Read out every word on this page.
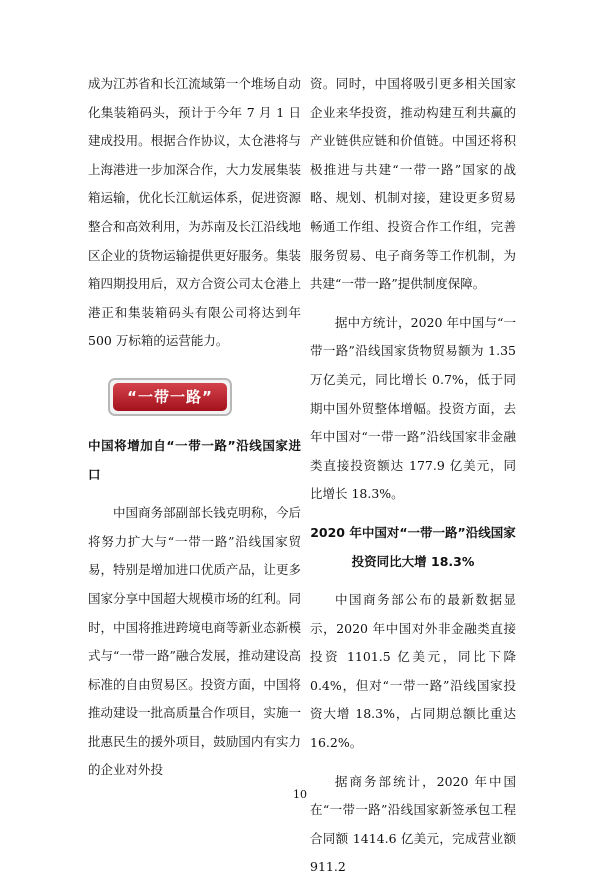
成为江苏省和长江流域第一个堆场自动化集装箱码头，预计于今年 7 月 1 日建成投用。根据合作协议，太仓港将与上海港进一步加深合作，大力发展集装箱运输，优化长江航运体系，促进资源整合和高效利用，为苏南及长江沿线地区企业的货物运输提供更好服务。集装箱四期投用后，双方合资公司太仓港上港正和集装箱码头有限公司将达到年 500 万标箱的运营能力。

“一带一路”

中国将增加自“一带一路”沿线国家进口

中国商务部副部长钱克明称，今后将努力扩大与“一带一路”沿线国家贸易，特别是增加进口优质产品，让更多国家分享中国超大规模市场的红利。同时，中国将推进跨境电商等新业态新模式与“一带一路”融合发展，推动建设高标准的自由贸易区。投资方面，中国将推动建设一批高质量合作项目，实施一批惠民生的援外项目，鼓励国内有实力的企业对外投

资。同时，中国将吸引更多相关国家企业来华投资，推动构建互利共赢的产业链供应链和价值链。中国还将积极推进与共建“一带一路”国家的战略、规划、机制对接，建设更多贸易畅通工作组、投资合作工作组，完善服务贸易、电子商务等工作机制，为共建“一带一路”提供制度保障。

据中方统计，2020 年中国与“一带一路”沿线国家货物贸易额为 1.35 万亿美元，同比增长 0.7%，低于同期中国外贸整体增幅。投资方面，去年中国对“一带一路”沿线国家非金融类直接投资额达 177.9 亿美元，同比增长 18.3%。

2020 年中国对“一带一路”沿线国家投资同比大增 18.3%

中国商务部公布的最新数据显示，2020 年中国对外非金融类直接投资 1101.5 亿美元，同比下降 0.4%，但对“一带一路”沿线国家投资大增 18.3%，占同期总额比重达 16.2%。

据商务部统计，2020 年中国在“一带一路”沿线国家新签承包工程合同额 1414.6 亿美元，完成营业额 911.2

10
